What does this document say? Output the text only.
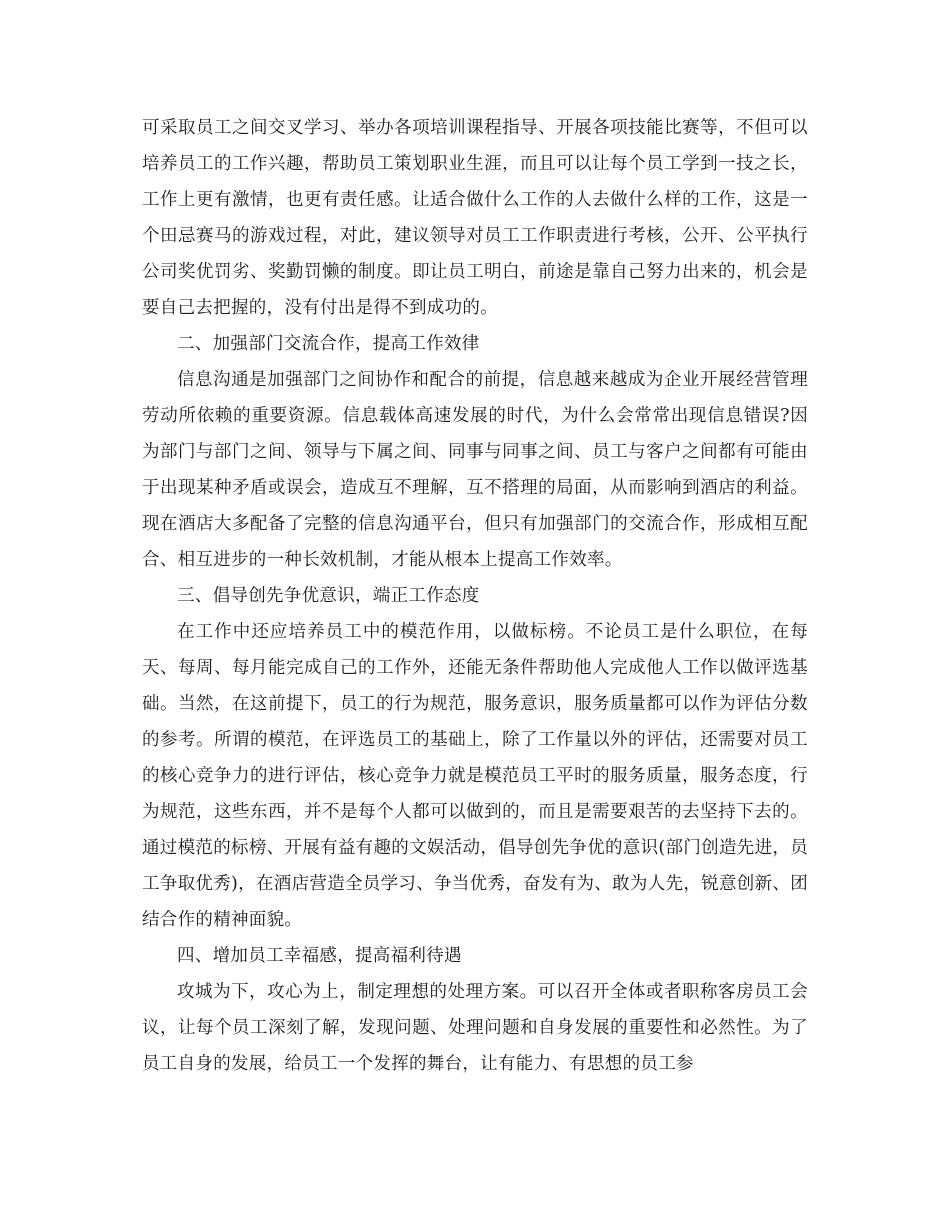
可采取员工之间交叉学习、举办各项培训课程指导、开展各项技能比赛等，不但可以培养员工的工作兴趣，帮助员工策划职业生涯，而且可以让每个员工学到一技之长，工作上更有激情，也更有责任感。让适合做什么工作的人去做什么样的工作，这是一个田忌赛马的游戏过程，对此，建议领导对员工工作职责进行考核，公开、公平执行公司奖优罚劣、奖勤罚懒的制度。即让员工明白，前途是靠自己努力出来的，机会是要自己去把握的，没有付出是得不到成功的。

二、加强部门交流合作，提高工作效律

信息沟通是加强部门之间协作和配合的前提，信息越来越成为企业开展经营管理劳动所依赖的重要资源。信息载体高速发展的时代，为什么会常常出现信息错误?因为部门与部门之间、领导与下属之间、同事与同事之间、员工与客户之间都有可能由于出现某种矛盾或误会，造成互不理解，互不搭理的局面，从而影响到酒店的利益。现在酒店大多配备了完整的信息沟通平台，但只有加强部门的交流合作，形成相互配合、相互进步的一种长效机制，才能从根本上提高工作效率。

三、倡导创先争优意识，端正工作态度

在工作中还应培养员工中的模范作用，以做标榜。不论员工是什么职位，在每天、每周、每月能完成自己的工作外，还能无条件帮助他人完成他人工作以做评选基础。当然，在这前提下，员工的行为规范，服务意识，服务质量都可以作为评估分数的参考。所谓的模范，在评选员工的基础上，除了工作量以外的评估，还需要对员工的核心竞争力的进行评估，核心竞争力就是模范员工平时的服务质量，服务态度，行为规范，这些东西，并不是每个人都可以做到的，而且是需要艰苦的去坚持下去的。通过模范的标榜、开展有益有趣的文娱活动，倡导创先争优的意识(部门创造先进，员工争取优秀)，在酒店营造全员学习、争当优秀，奋发有为、敢为人先，锐意创新、团结合作的精神面貌。

四、增加员工幸福感，提高福利待遇

攻城为下，攻心为上，制定理想的处理方案。可以召开全体或者职称客房员工会议，让每个员工深刻了解，发现问题、处理问题和自身发展的重要性和必然性。为了员工自身的发展，给员工一个发挥的舞台，让有能力、有思想的员工参
